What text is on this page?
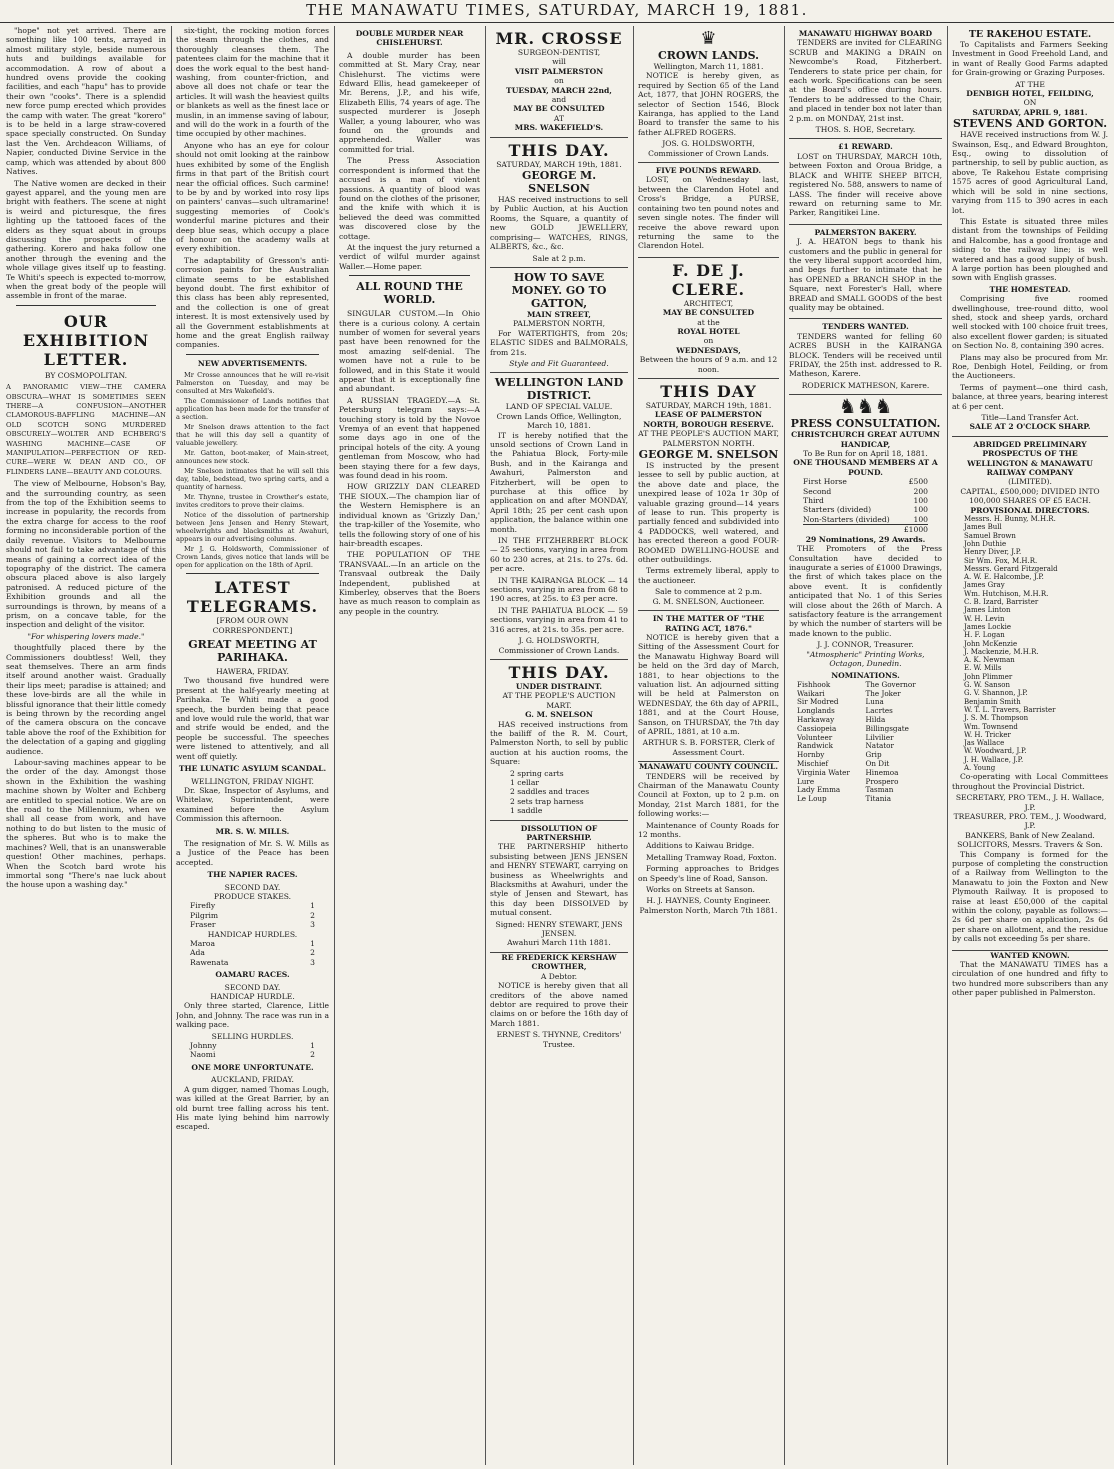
THE MANAWATU TIMES, SATURDAY, MARCH 19, 1881.

"hope" not yet arrived. There are something like 100 tents, arrayed in almost military style, beside numerous huts and buildings available for accommodation. A row of about a hundred ovens provide the cooking facilities, and each "hapu" has to provide their own "cooks". There is a splendid new force pump erected which provides the camp with water. The great "korero" is to be held in a large straw-covered space specially constructed. On Sunday last the Ven. Archdeacon Williams, of Napier, conducted Divine Service in the camp, which was attended by about 800 Natives.

The Native women are decked in their gayest apparel, and the young men are bright with feathers. The scene at night is weird and picturesque, the fires lighting up the tattooed faces of the elders as they squat about in groups discussing the prospects of the gathering. Korero and haka follow one another through the evening and the whole village gives itself up to feasting. Te Whiti's speech is expected to-morrow, when the great body of the people will assemble in front of the marae.

OUR EXHIBITION LETTER.
BY COSMOPOLITAN.

A PANORAMIC VIEW—THE CAMERA OBSCURA—WHAT IS SOMETIMES SEEN THERE—A CONFUSION—ANOTHER CLAMOROUS-BAFFLING MACHINE—AN OLD SCOTCH SONG MURDERED OBSCURELY—WOLTER AND ECHBERG'S WASHING MACHINE—CASE OF MANIPULATION—PERFECTION OF RED-CURE—WERE W. DEAN AND CO., OF FLINDERS LANE—BEAUTY AND COLOURS.

The view of Melbourne, Hobson's Bay, and the surrounding country, as seen from the top of the Exhibition seems to increase in popularity, the records from the extra charge for access to the roof forming no inconsiderable portion of the daily revenue. Visitors to Melbourne should not fail to take advantage of this means of gaining a correct idea of the topography of the district. The camera obscura placed above is also largely patronised. A reduced picture of the Exhibition grounds and all the surroundings is thrown, by means of a prism, on a concave table, for the inspection and delight of the visitor.

"For whispering lovers made."

thoughtfully placed there by the Commissioners doubtless! Well, they seat themselves. There an arm finds itself around another waist. Gradually their lips meet; paradise is attained; and these love-birds are all the while in blissful ignorance that their little comedy is being thrown by the recording angel of the camera obscura on the concave table above the roof of the Exhibition for the delectation of a gaping and giggling audience.

Labour-saving machines appear to be the order of the day. Amongst those shown in the Exhibition the washing machine shown by Wolter and Echberg are entitled to special notice. We are on the road to the Millennium, when we shall all cease from work, and have nothing to do but listen to the music of the spheres. But who is to make the machines? Well, that is an unanswerable question! Other machines, perhaps. When the Scotch bard wrote his immortal song "There's nae luck about the house upon a washing day."

six-tight, the rocking motion forces the steam through the clothes, and thoroughly cleanses them. The patentees claim for the machine that it does the work equal to the best hand-washing, from counter-friction, and above all does not chafe or tear the articles. It will wash the heaviest quilts or blankets as well as the finest lace or muslin, in an immense saving of labour, and will do the work in a fourth of the time occupied by other machines.

Anyone who has an eye for colour should not omit looking at the rainbow hues exhibited by some of the English firms in that part of the British court near the official offices. Such carmine! to be by and by worked into rosy lips on painters' canvas—such ultramarine! suggesting memories of Cook's wonderful marine pictures and their deep blue seas, which occupy a place of honour on the academy walls at every exhibition.

The adaptability of Gresson's anti-corrosion paints for the Australian climate seems to be established beyond doubt. The first exhibitor of this class has been ably represented, and the collection is one of great interest. It is most extensively used by all the Government establishments at home and the great English railway companies.

NEW ADVERTISEMENTS.

Mr Crosse announces that he will re-visit Palmerston on Tuesday, and may be consulted at Mrs Wakefield's.

The Commissioner of Lands notifies that application has been made for the transfer of a section.

Mr Snelson draws attention to the fact that he will this day sell a quantity of valuable jewellery.

Mr. Gatton, boot-maker, of Main-street, announces new stock.

Mr Snelson intimates that he will sell this day, table, bedstead, two spring carts, and a quantity of harness.

Mr. Thynne, trustee in Crowther's estate, invites creditors to prove their claims.

Notice of the dissolution of partnership between Jens Jensen and Henry Stewart, wheelwrights and blacksmiths at Awahuri, appears in our advertising columns.

Mr J. G. Holdsworth, Commissioner of Crown Lands, gives notice that lands will be open for application on the 18th of April.

LATEST TELEGRAMS.
[FROM OUR OWN CORRESPONDENT.]
GREAT MEETING AT PARIHAKA.
HAWERA, FRIDAY.

Two thousand five hundred were present at the half-yearly meeting at Parihaka. Te Whiti made a good speech, the burden being that peace and love would rule the world, that war and strife would be ended, and the people be successful. The speeches were listened to attentively, and all went off quietly.

THE LUNATIC ASYLUM SCANDAL.
WELLINGTON, FRIDAY NIGHT.

Dr. Skae, Inspector of Asylums, and Whitelaw, Superintendent, were examined before the Asylum Commission this afternoon.

MR. S. W. MILLS.

The resignation of Mr. S. W. Mills as a Justice of the Peace has been accepted.

THE NAPIER RACES.
SECOND DAY.
PRODUCE STAKES.
Firefly	1
Pilgrim	2
Fraser	3
HANDICAP HURDLES.
Maroa	1
Ada	2
Rawenata	3
OAMARU RACES.
SECOND DAY.
HANDICAP HURDLE.

Only three started, Clarence, Little John, and Johnny. The race was run in a walking pace.

SELLING HURDLES.
Johnny	1
Naomi	2
ONE MORE UNFORTUNATE.
AUCKLAND, FRIDAY.

A gum digger, named Thomas Lough, was killed at the Great Barrier, by an old burnt tree falling across his tent. His mate lying behind him narrowly escaped.

DOUBLE MURDER NEAR CHISLEHURST.

A double murder has been committed at St. Mary Cray, near Chislehurst. The victims were Edward Ellis, head gamekeeper of Mr. Berens, J.P., and his wife, Elizabeth Ellis, 74 years of age. The suspected murderer is Joseph Waller, a young labourer, who was found on the grounds and apprehended. Waller was committed for trial.

The Press Association correspondent is informed that the accused is a man of violent passions. A quantity of blood was found on the clothes of the prisoner, and the knife with which it is believed the deed was committed was discovered close by the cottage.

At the inquest the jury returned a verdict of wilful murder against Waller.—Home paper.

ALL ROUND THE WORLD.

SINGULAR CUSTOM.—In Ohio there is a curious colony. A certain number of women for several years past have been renowned for the most amazing self-denial. The women have not a rule to be followed, and in this State it would appear that it is exceptionally fine and abundant.

A RUSSIAN TRAGEDY.—A St. Petersburg telegram says:—A touching story is told by the Novoe Vremya of an event that happened some days ago in one of the principal hotels of the city. A young gentleman from Moscow, who had been staying there for a few days, was found dead in his room.

HOW GRIZZLY DAN CLEARED THE SIOUX.—The champion liar of the Western Hemisphere is an individual known as 'Grizzly Dan,' the trap-killer of the Yosemite, who tells the following story of one of his hair-breadth escapes.

THE POPULATION OF THE TRANSVAAL.—In an article on the Transvaal outbreak the Daily Independent, published at Kimberley, observes that the Boers have as much reason to complain as any people in the country.

MR. CROSSE
SURGEON-DENTIST,
will
VISIT PALMERSTON
on
TUESDAY, MARCH 22nd,
and
MAY BE CONSULTED
AT
MRS. WAKEFIELD'S.
THIS DAY.
SATURDAY, MARCH 19th, 1881.
GEORGE M. SNELSON

HAS received instructions to sell by Public Auction, at his Auction Rooms, the Square, a quantity of new GOLD JEWELLERY, comprising— WATCHES, RINGS, ALBERTS, &c., &c.

Sale at 2 p.m.
HOW TO SAVE MONEY. GO TO GATTON,
MAIN STREET,
PALMERSTON NORTH,

For WATERTIGHTS, from 20s; ELASTIC SIDES and BALMORALS, from 21s.

Style and Fit Guaranteed.
WELLINGTON LAND DISTRICT.
LAND OF SPECIAL VALUE.
Crown Lands Office, Wellington, March 10, 1881.

IT is hereby notified that the unsold sections of Crown Land in the Pahiatua Block, Forty-mile Bush, and in the Kairanga and Awahuri, Palmerston and Fitzherbert, will be open to purchase at this office by application on and after MONDAY, April 18th; 25 per cent cash upon application, the balance within one month.

IN THE FITZHERBERT BLOCK — 25 sections, varying in area from 60 to 230 acres, at 21s. to 27s. 6d. per acre.

IN THE KAIRANGA BLOCK — 14 sections, varying in area from 68 to 190 acres, at 25s. to £3 per acre.

IN THE PAHIATUA BLOCK — 59 sections, varying in area from 41 to 316 acres, at 21s. to 35s. per acre.

J. G. HOLDSWORTH,
Commissioner of Crown Lands.
THIS DAY.
UNDER DISTRAINT.
AT THE PEOPLE'S AUCTION MART.
G. M. SNELSON

HAS received instructions from the bailiff of the R. M. Court, Palmerston North, to sell by public auction at his auction rooms, the Square:

2 spring carts
1 cellar
2 saddles and traces
2 sets trap harness
1 saddle
DISSOLUTION OF PARTNERSHIP.

THE PARTNERSHIP hitherto subsisting between JENS JENSEN and HENRY STEWART, carrying on business as Wheelwrights and Blacksmiths at Awahuri, under the style of Jensen and Stewart, has this day been DISSOLVED by mutual consent.

Signed: HENRY STEWART, JENS JENSEN.
Awahuri March 11th 1881.
RE FREDERICK KERSHAW CROWTHER,
A Debtor.

NOTICE is hereby given that all creditors of the above named debtor are required to prove their claims on or before the 16th day of March 1881.

ERNEST S. THYNNE, Creditors' Trustee.
♛
CROWN LANDS.
Wellington, March 11, 1881.

NOTICE is hereby given, as required by Section 65 of the Land Act, 1877, that JOHN ROGERS, the selector of Section 1546, Block Kairanga, has applied to the Land Board to transfer the same to his father ALFRED ROGERS.

JOS. G. HOLDSWORTH,
Commissioner of Crown Lands.
FIVE POUNDS REWARD.

LOST, on Wednesday last, between the Clarendon Hotel and Cross's Bridge, a PURSE, containing two ten pound notes and seven single notes. The finder will receive the above reward upon returning the same to the Clarendon Hotel.

F. DE J. CLERE.
ARCHITECT,
MAY BE CONSULTED
at the
ROYAL HOTEL
on
WEDNESDAYS,
Between the hours of 9 a.m. and 12 noon.
THIS DAY
SATURDAY, MARCH 19th, 1881.
LEASE OF PALMERSTON NORTH, BOROUGH RESERVE.
AT THE PEOPLE'S AUCTION MART, PALMERSTON NORTH.
GEORGE M. SNELSON

IS instructed by the present lessee to sell by public auction, at the above date and place, the unexpired lease of 102a 1r 30p of valuable grazing ground—14 years of lease to run. This property is partially fenced and subdivided into 4 PADDOCKS, well watered, and has erected thereon a good FOUR-ROOMED DWELLING-HOUSE and other outbuildings.

Terms extremely liberal, apply to the auctioneer.

Sale to commence at 2 p.m.
G. M. SNELSON, Auctioneer.
IN THE MATTER OF "THE RATING ACT, 1876."

NOTICE is hereby given that a Sitting of the Assessment Court for the Manawatu Highway Board will be held on the 3rd day of March, 1881, to hear objections to the valuation list. An adjourned sitting will be held at Palmerston on WEDNESDAY, the 6th day of APRIL, 1881, and at the Court House, Sanson, on THURSDAY, the 7th day of APRIL, 1881, at 10 a.m.

ARTHUR S. B. FORSTER, Clerk of Assessment Court.
MANAWATU COUNTY COUNCIL.

TENDERS will be received by Chairman of the Manawatu County Council at Foxton, up to 2 p.m. on Monday, 21st March 1881, for the following works:—

Maintenance of County Roads for 12 months.

Additions to Kaiwau Bridge.

Metalling Tramway Road, Foxton.

Forming approaches to Bridges on Speedy's line of Road, Sanson.

Works on Streets at Sanson.

H. J. HAYNES, County Engineer.
Palmerston North, March 7th 1881.
MANAWATU HIGHWAY BOARD

TENDERS are invited for CLEARING SCRUB and MAKING a DRAIN on Newcombe's Road, Fitzherbert. Tenderers to state price per chain, for each work. Specifications can be seen at the Board's office during hours. Tenders to be addressed to the Chair, and placed in tender box not later than 2 p.m. on MONDAY, 21st inst.

THOS. S. HOE, Secretary.
£1 REWARD.

LOST on THURSDAY, MARCH 10th, between Foxton and Oroua Bridge, a BLACK and WHITE SHEEP BITCH, registered No. 588, answers to name of LASS. The finder will receive above reward on returning same to Mr. Parker, Rangitikei Line.

PALMERSTON BAKERY.

J. A. HEATON begs to thank his customers and the public in general for the very liberal support accorded him, and begs further to intimate that he has OPENED a BRANCH SHOP in the Square, next Forester's Hall, where BREAD and SMALL GOODS of the best quality may be obtained.

TENDERS WANTED.

TENDERS wanted for felling 60 ACRES BUSH in the KAIRANGA BLOCK. Tenders will be received until FRIDAY, the 25th inst. addressed to R. Matheson, Karere.

RODERICK MATHESON, Karere.
♞♞♞
PRESS CONSULTATION.
CHRISTCHURCH GREAT AUTUMN HANDICAP,
To Be Run for on April 18, 1881.
ONE THOUSAND MEMBERS AT A POUND.
First Horse	£500
Second	200
Third	100
Starters (divided)	100
Non-Starters (divided)	100
£1000
29 Nominations, 29 Awards.

THE Promoters of the Press Consultation have decided to inaugurate a series of £1000 Drawings, the first of which takes place on the above event. It is confidently anticipated that No. 1 of this Series will close about the 26th of March. A satisfactory feature is the arrangement by which the number of starters will be made known to the public.

J. J. CONNOR, Treasurer.
"Atmospheric" Printing Works, Octagon, Dunedin.
NOMINATIONS.
Fishhook	The Governor
Waikari	The Joker
Sir Modred	Luna
Longlands	Lacrtes
Harkaway	Hilda
Cassiopeia	Billingsgate
Volunteer	Lilvilier
Randwick	Natator
Hornby	Grip
Mischief	On Dit
Virginia Water	Hinemoa
Lure	Prospero
Lady Emma	Tasman
Le Loup	Titania
TE RAKEHOU ESTATE.

To Capitalists and Farmers Seeking Investment in Good Freehold Land, and in want of Really Good Farms adapted for Grain-growing or Grazing Purposes.

AT THE
DENBIGH HOTEL, FEILDING,
ON
SATURDAY, APRIL 9, 1881.
STEVENS AND GORTON.

HAVE received instructions from W. J. Swainson, Esq., and Edward Broughton, Esq., owing to dissolution of partnership, to sell by public auction, as above, Te Rakehou Estate comprising 1575 acres of good Agricultural Land, which will be sold in nine sections, varying from 115 to 390 acres in each lot.

This Estate is situated three miles distant from the townships of Feilding and Halcombe, has a good frontage and siding to the railway line; is well watered and has a good supply of bush. A large portion has been ploughed and sown with English grasses.

THE HOMESTEAD.

Comprising five roomed dwellinghouse, tree-round ditto, wool shed, stock and sheep yards, orchard well stocked with 100 choice fruit trees, also excellent flower garden; is situated on Section No. 8, containing 390 acres.

Plans may also be procured from Mr. Roe, Denbigh Hotel, Feilding, or from the Auctioneers.

Terms of payment—one third cash, balance, at three years, bearing interest at 6 per cent.

Title—Land Transfer Act.
SALE AT 2 O'CLOCK SHARP.
ABRIDGED PRELIMINARY PROSPECTUS OF THE
WELLINGTON & MANAWATU RAILWAY COMPANY
(LIMITED).
CAPITAL, £500,000; DIVIDED INTO 100,000 SHARES OF £5 EACH.
PROVISIONAL DIRECTORS.
Messrs. H. Bunny, M.H.R.
James Bull
Samuel Brown
John Duthie
Henry Diver, J.P.
Sir Wm. Fox, M.H.R.
Messrs. Gerard Fitzgerald
A. W. E. Halcombe, J.P.
James Gray
Wm. Hutchison, M.H.R.
C. B. Izard, Barrister
James Linton
W. H. Levin
James Lockie
H. F. Logan
John McKenzie
J. Mackenzie, M.H.R.
A. K. Newman
E. W. Mills
John Plimmer
G. W. Sanson
G. V. Shannon, J.P.
Benjamin Smith
W. T. L. Travers, Barrister
J. S. M. Thompson
Wm. Townsend
W. H. Tricker
Jas Wallace
W. Woodward, J.P.
J. H. Wallace, J.P.
A. Young

Co-operating with Local Committees throughout the Provincial District.

SECRETARY, PRO TEM., J. H. Wallace, J.P.
TREASURER, PRO. TEM., J. Woodward, J.P.
BANKERS, Bank of New Zealand.
SOLICITORS, Messrs. Travers & Son.

This Company is formed for the purpose of completing the construction of a Railway from Wellington to the Manawatu to join the Foxton and New Plymouth Railway. It is proposed to raise at least £50,000 of the capital within the colony, payable as follows:—2s 6d per share on application, 2s 6d per share on allotment, and the residue by calls not exceeding 5s per share.

WANTED KNOWN.

That the MANAWATU TIMES has a circulation of one hundred and fifty to two hundred more subscribers than any other paper published in Palmerston.
